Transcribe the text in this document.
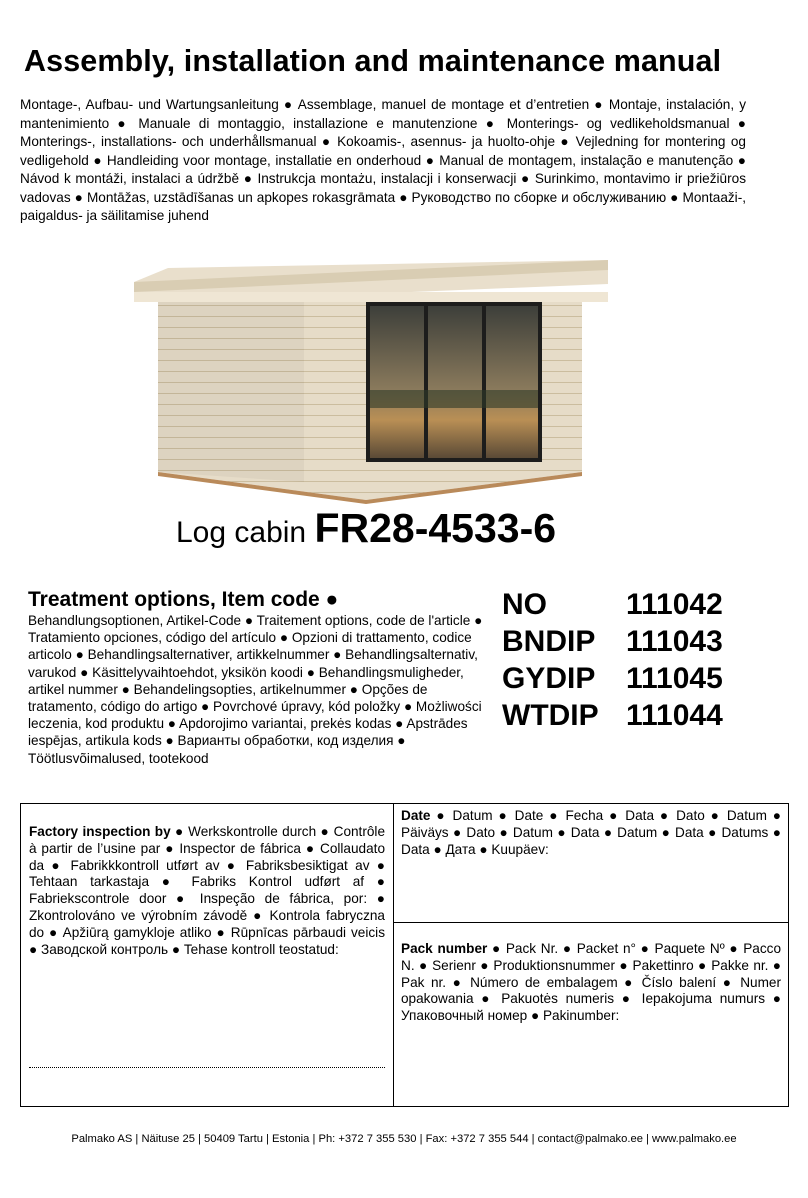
Assembly, installation and maintenance manual
Montage-, Aufbau- und Wartungsanleitung ● Assemblage, manuel de montage et d’entretien ● Montaje, instalación, y mantenimiento ● Manuale di montaggio, installazione e manutenzione ● Monterings- og vedlikeholdsmanual ● Monterings-, installations- och underhållsmanual ● Kokoamis-, asennus- ja huolto-ohje ● Vejledning for montering og vedligehold ● Handleiding voor montage, installatie en onderhoud ● Manual de montagem, instalação e manutenção ● Návod k montáži, instalaci a údržbě ● Instrukcja montażu, instalacji i konserwacji ● Surinkimo, montavimo ir priežiūros vadovas ● Montāžas, uzstādīšanas un apkopes rokasgrāmata ● Руководство по сборке и обслуживанию ● Montaaži-, paigaldus- ja säilitamise juhend
Log cabin FR28-4533-6
Treatment options, Item code ●
Behandlungsoptionen, Artikel-Code ● Traitement options, code de l'article ● Tratamiento opciones, código del artículo ● Opzioni di trattamento, codice articolo ● Behandlingsalternativer, artikkelnummer ● Behandlingsalternativ, varukod ● Käsittelyvaihtoehdot, yksikön koodi ● Behandlingsmuligheder, artikel nummer ● Behandelingsopties, artikelnummer ● Opções de tratamento, código do artigo ● Povrchové úpravy, kód položky ● Możliwości leczenia, kod produktu ● Apdorojimo variantai, prekės kodas ● Apstrādes iespējas, artikula kods ● Варианты обработки, код изделия ● Töötlusvõimalused, tootekood
NO	111042
BNDIP	111043
GYDIP	111045
WTDIP 111044
Factory inspection by ● Werkskontrolle durch ● Contrôle à partir de l’usine par ● Inspector de fábrica ● Collaudato da ● Fabrikkkontroll utført av ● Fabriksbesiktigat av ● Tehtaan tarkastaja ● Fabriks Kontrol udført af ● Fabriekscontrole door ● Inspeção de fábrica, por: ● Zkontrolováno ve výrobním závodě ● Kontrola fabryczna do ● Apžiūrą gamykloje atliko ● Rūpnīcas pārbaudi veicis ● Заводской контроль ● Tehase kontroll teostatud:
Date ● Datum ● Date ● Fecha ● Data ● Dato ● Datum ● Päiväys ● Dato ● Datum ● Data ● Datum ● Data ● Datums ● Data ● Дата ● Kuupäev:
Pack number ● Pack Nr. ● Packet n° ● Paquete Nº ● Pacco N. ● Serienr ● Produktionsnummer ● Pakettinro ● Pakke nr. ● Pak nr. ● Número de embalagem ● Číslo balení ● Numer opakowania ● Pakuotės numeris ● Iepakojuma numurs ● Упаковочный номер ● Pakinumber:
Palmako AS | Näituse 25 | 50409 Tartu | Estonia | Ph: +372 7 355 530 | Fax: +372 7 355 544 | contact@palmako.ee | www.palmako.ee
